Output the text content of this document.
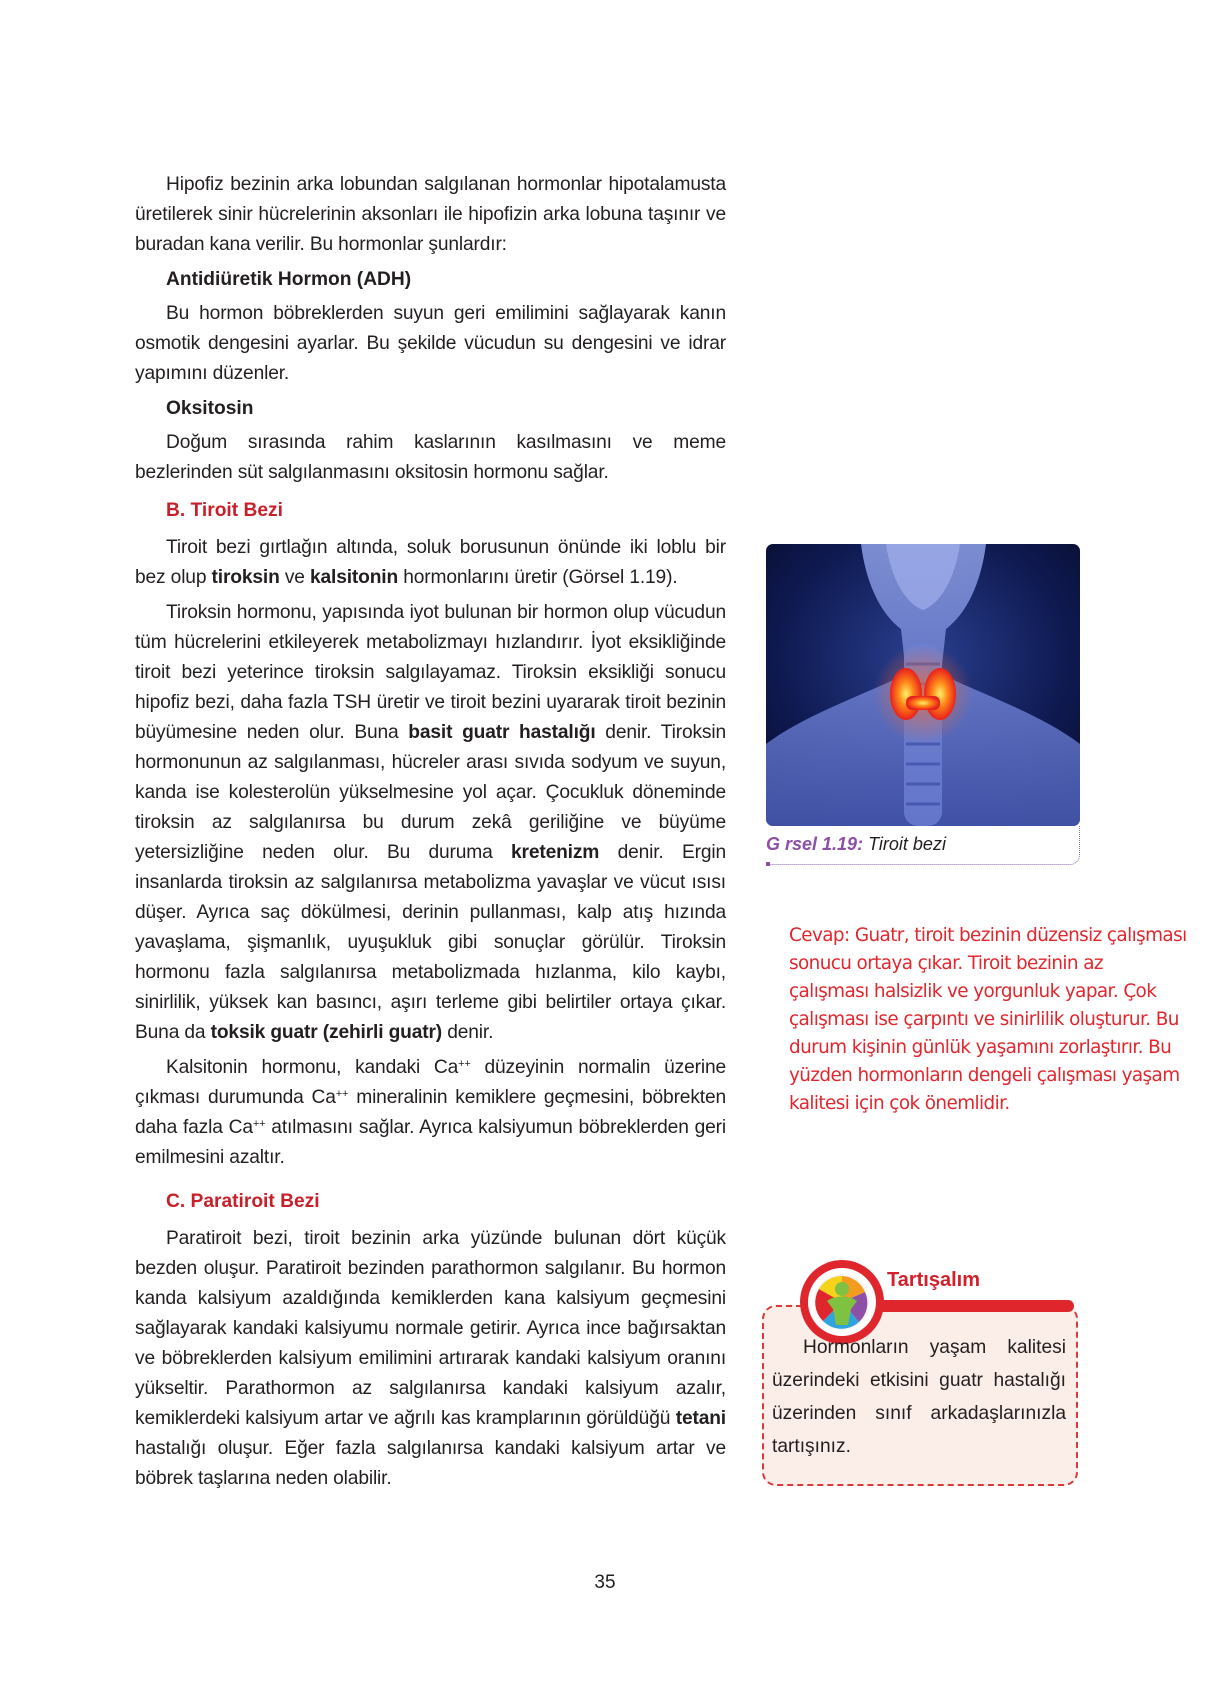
Hipofiz bezinin arka lobundan salgılanan hormonlar hipotalamusta üretilerek sinir hücrelerinin aksonları ile hipofizin arka lobuna taşınır ve buradan kana verilir. Bu hormonlar şunlardır:

Antidiüretik Hormon (ADH)

Bu hormon böbreklerden suyun geri emilimini sağlayarak kanın osmotik dengesini ayarlar. Bu şekilde vücudun su dengesini ve idrar yapımını düzenler.

Oksitosin

Doğum sırasında rahim kaslarının kasılmasını ve meme bezlerinden süt salgılanmasını oksitosin hormonu sağlar.

B. Tiroit Bezi

Tiroit bezi gırtlağın altında, soluk borusunun önünde iki loblu bir bez olup tiroksin ve kalsitonin hormonlarını üretir (Görsel 1.19).

Tiroksin hormonu, yapısında iyot bulunan bir hormon olup vücudun tüm hücrelerini etkileyerek metabolizmayı hızlandırır. İyot eksikliğinde tiroit bezi yeterince tiroksin salgılayamaz. Tiroksin eksikliği sonucu hipofiz bezi, daha fazla TSH üretir ve tiroit bezini uyararak tiroit bezinin büyümesine neden olur. Buna basit guatr hastalığı denir. Tiroksin hormonunun az salgılanması, hücreler arası sıvıda sodyum ve suyun, kanda ise kolesterolün yükselmesine yol açar. Çocukluk döneminde tiroksin az salgılanırsa bu durum zekâ geriliğine ve büyüme yetersizliğine neden olur. Bu duruma kretenizm denir. Ergin insanlarda tiroksin az salgılanırsa metabolizma yavaşlar ve vücut ısısı düşer. Ayrıca saç dökülmesi, derinin pullanması, kalp atış hızında yavaşlama, şişmanlık, uyuşukluk gibi sonuçlar görülür. Tiroksin hormonu fazla salgılanırsa metabolizmada hızlanma, kilo kaybı, sinirlilik, yüksek kan basıncı, aşırı terleme gibi belirtiler ortaya çıkar. Buna da toksik guatr (zehirli guatr) denir.

Kalsitonin hormonu, kandaki Ca++ düzeyinin normalin üzerine çıkması durumunda Ca++ mineralinin kemiklere geçmesini, böbrekten daha fazla Ca++ atılmasını sağlar. Ayrıca kalsiyumun böbreklerden geri emilmesini azaltır.

C. Paratiroit Bezi

Paratiroit bezi, tiroit bezinin arka yüzünde bulunan dört küçük bezden oluşur. Paratiroit bezinden parathormon salgılanır. Bu hormon kanda kalsiyum azaldığında kemiklerden kana kalsiyum geçmesini sağlayarak kandaki kalsiyumu normale getirir. Ayrıca ince bağırsaktan ve böbreklerden kalsiyum emilimini artırarak kandaki kalsiyum oranını yükseltir. Parathormon az salgılanırsa kandaki kalsiyum azalır, kemiklerdeki kalsiyum artar ve ağrılı kas kramplarının görüldüğü tetani hastalığı oluşur. Eğer fazla salgılanırsa kandaki kalsiyum artar ve böbrek taşlarına neden olabilir.

G rsel 1.19: Tiroit bezi
Cevap: Guatr, tiroit bezinin düzensiz çalışması
sonucu ortaya çıkar. Tiroit bezinin az
çalışması halsizlik ve yorgunluk yapar. Çok
çalışması ise çarpıntı ve sinirlilik oluşturur. Bu
durum kişinin günlük yaşamını zorlaştırır. Bu
yüzden hormonların dengeli çalışması yaşam
kalitesi için çok önemlidir.
Tartışalım
Hormonların yaşam kalitesi üzerindeki etkisini guatr hastalığı üzerinden sınıf arkadaşlarınızla tartışınız.
35
